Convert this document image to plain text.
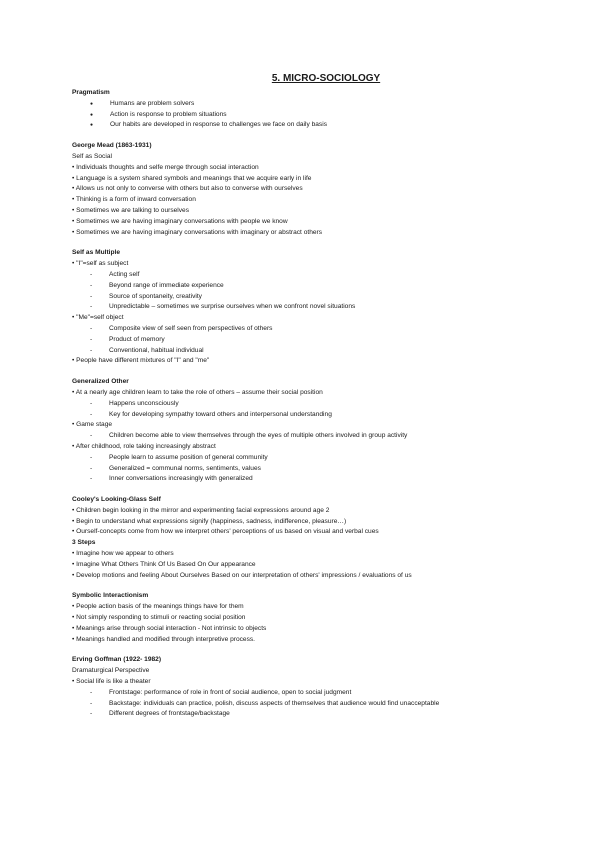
5. MICRO-SOCIOLOGY
Pragmatism
●	Humans are problem solvers
●	Action is response to problem situations
●	Our habits are developed in response to challenges we face on daily basis
George Mead (1863-1931)
Self as Social
• Individuals thoughts and selfe merge through social interaction
• Language is a system shared symbols and meanings that we acquire early in life
• Allows us not only to converse with others but also to converse with ourselves
• Thinking is a form of inward conversation
• Sometimes we are talking to ourselves
• Sometimes we are having imaginary conversations with people we know
• Sometimes we are having imaginary conversations with imaginary or abstract others
Self as Multiple
• "I"=self as subject
-	Acting self
-	Beyond range of immediate experience
-	Source of spontaneity, creativity
-	Unpredictable – sometimes we surprise ourselves when we confront novel situations
• "Me"=self object
-	Composite view of self seen from perspectives of others
-	Product of memory
-	Conventional, habitual individual
• People have different mixtures of "I" and "me"
Generalized Other
• At a nearly age children learn to take the role of others – assume their social position
-	Happens unconsciously
-	Key for developing sympathy toward others and interpersonal understanding
• Game stage
-	Children become able to view themselves through the eyes of multiple others involved in group activity
• After childhood, role taking increasingly abstract
-	People learn to assume position of general community
-	Generalized = communal norms, sentiments, values
-	Inner conversations increasingly with generalized
Cooley's Looking-Glass Self
• Children begin looking in the mirror and experimenting facial expressions around age 2
• Begin to understand what expressions signify (happiness, sadness, indifference, pleasure…)
• Ourself-concepts come from how we interpret others' perceptions of us based on visual and verbal cues
3 Steps
• Imagine how we appear to others
• Imagine What Others Think Of Us Based On Our appearance
• Develop motions and feeling About Ourselves Based on our interpretation of others' impressions / evaluations of us
Symbolic Interactionism
• People action basis of the meanings things have for them
• Not simply responding to stimuli or reacting social position
• Meanings arise through social interaction - Not intrinsic to objects
• Meanings handled and modified through interpretive process.
Erving Goffman (1922- 1982)
Dramaturgical Perspective
• Social life is like a theater
-	Frontstage: performance of role in front of social audience, open to social judgment
-	Backstage: individuals can practice, polish, discuss aspects of themselves that audience would find unacceptable
-	Different degrees of frontstage/backstage
